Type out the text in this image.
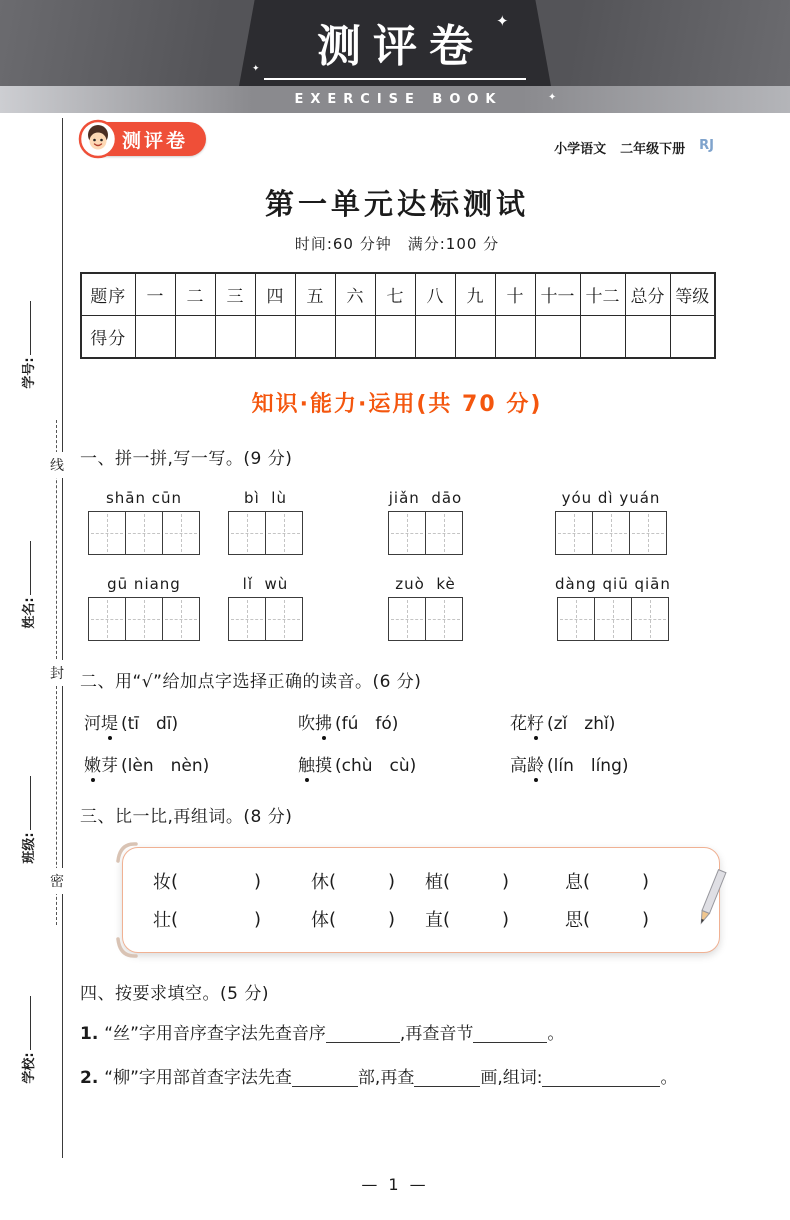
测评卷 ✦
✦
EXERCISE BOOK	✦
学号:
姓名:
班级:
学校:
线
封
密
测评卷	小学语文 二年级下册 RJ
第一单元达标测试
时间:60 分钟　满分:100 分
题序	一	二	三	四	五	六	七	八	九	十	十一	十二	总分	等级
得分														
知识·能力·运用(共 70 分)
一、拼一拼,写一写。(9 分)
shān cūn	bì  lù	jiǎn  dāo	yóu dì yuán
gū niang	lǐ  wù	zuò  kè	dàng qiū qiān
二、用“√”给加点字选择正确的读音。(6 分)
河 堤 (tī　dī)	吹 拂 (fú　fó)	花 籽 (zǐ　zhǐ)
嫩 芽 (lèn　nèn)	触 摸 (chù　cù)	高 龄 (lín　líng)
三、比一比,再组词。(8 分)
妆 (	)	休 (	) 植 (	)	息 (	)
壮 (	)	体 (	) 直 (	)	思 (	)
四、按要求填空。(5 分)
1. “丝”字用音序查字法先查音序	,再查音节	。
2. “柳”字用部首查字法先查	部,再查	画,组词:	。
— 1 —
